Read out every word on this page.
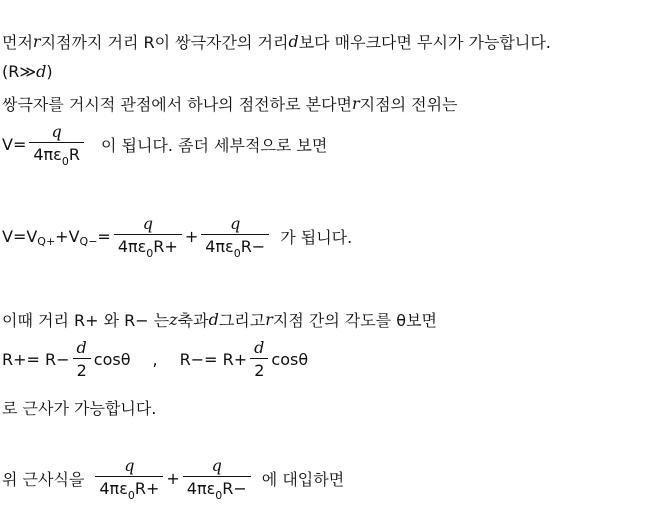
먼저 r 지점까지 거리 R이 쌍극자간의 거리 d 보다 매우크다면 무시가 가능합니다.
(R≫ d )
쌍극자를 거시적 관점에서 하나의 점전하로 본다면 r 지점의 전위는
$V= \frac{q}{4\pi\varepsilon_0R}$ 이 됩니다. 좀더 세부적으로 보면
V=V Q+ +V $Q- = \frac{q}{4\pi\varepsilon_0R+} + \frac{q}{4\pi\varepsilon_0R-}$ 가 됩니다.
이때 거리 R+ 와 R− 는 z 축과 d 그리고 r 지점 간의 각도를 θ보면
$R+= R- \frac{d}{2}$ cosθ , $R-= R+ \frac{d}{2}$ cosθ
로 근사가 가능합니다.
위 근사식을 $\frac{q}{4\pi\varepsilon_0R+} + \frac{q}{4\pi\varepsilon_0R-}$ 에 대입하면
